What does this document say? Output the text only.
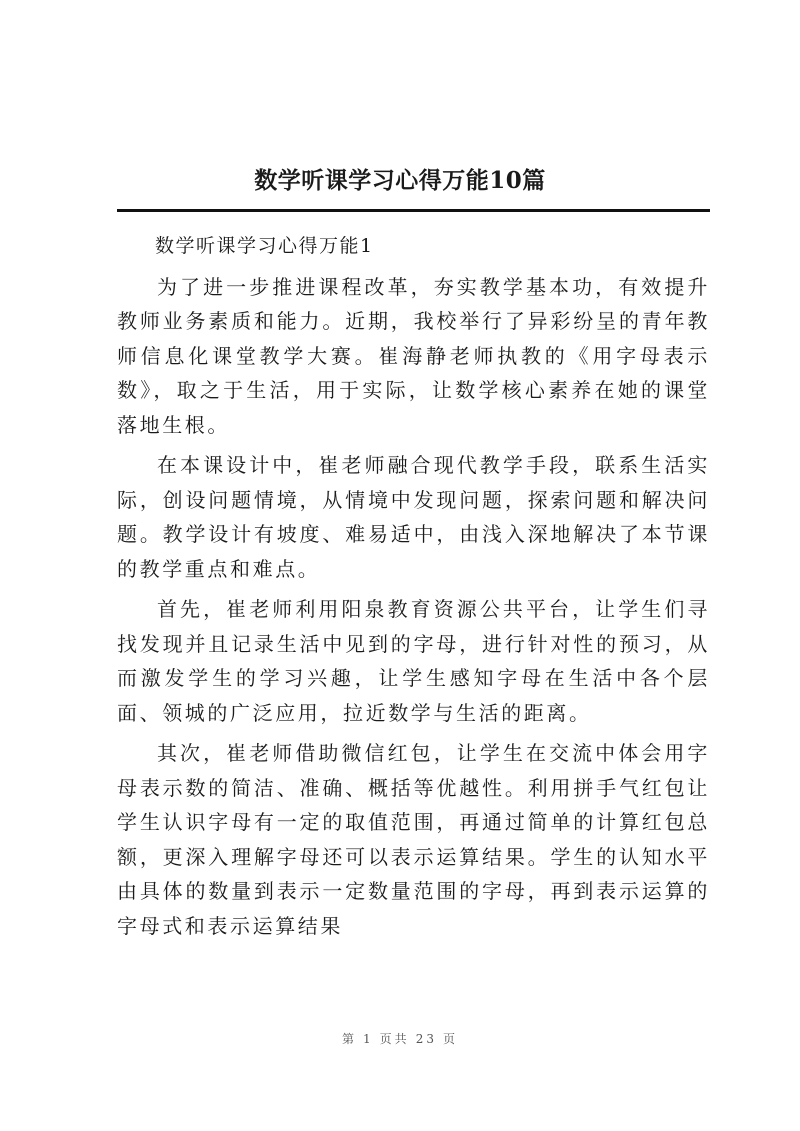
数学听课学习心得万能10篇

数学听课学习心得万能1

为了进一步推进课程改革，夯实教学基本功，有效提升教师业务素质和能力。近期，我校举行了异彩纷呈的青年教师信息化课堂教学大赛。崔海静老师执教的《用字母表示数》，取之于生活，用于实际，让数学核心素养在她的课堂落地生根。

在本课设计中，崔老师融合现代教学手段，联系生活实际，创设问题情境，从情境中发现问题，探索问题和解决问题。教学设计有坡度、难易适中，由浅入深地解决了本节课的教学重点和难点。

首先，崔老师利用阳泉教育资源公共平台，让学生们寻找发现并且记录生活中见到的字母，进行针对性的预习，从而激发学生的学习兴趣，让学生感知字母在生活中各个层面、领城的广泛应用，拉近数学与生活的距离。

其次，崔老师借助微信红包，让学生在交流中体会用字母表示数的简洁、准确、概括等优越性。利用拼手气红包让学生认识字母有一定的取值范围，再通过简单的计算红包总额，更深入理解字母还可以表示运算结果。学生的认知水平由具体的数量到表示一定数量范围的字母，再到表示运算的字母式和表示运算结果

第 1 页共 23 页
